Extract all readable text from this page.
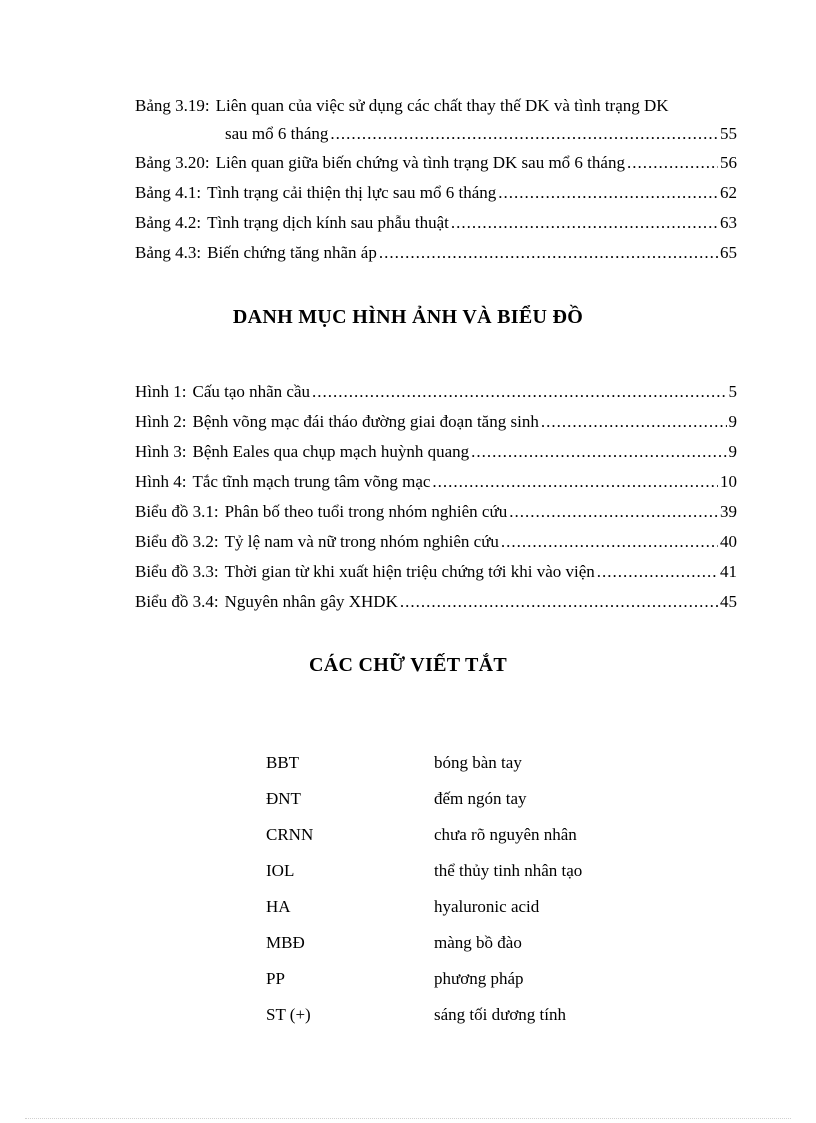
Bảng 3.19: Liên quan của việc sử dụng các chất thay thế DK và tình trạng DK
sau mổ 6 tháng .....	55
Bảng 3.20: Liên quan giữa biến chứng và tình trạng DK sau mổ 6 tháng .....	56
Bảng 4.1: Tình trạng cải thiện thị lực sau mổ 6 tháng .....	62
Bảng 4.2: Tình trạng dịch kính sau phẫu thuật .....	63
Bảng 4.3: Biến chứng tăng nhãn áp .....	65
DANH MỤC HÌNH ẢNH VÀ BIỂU ĐỒ
Hình 1: Cấu tạo nhãn cầu .....	5
Hình 2: Bệnh võng mạc đái tháo đường giai đoạn tăng sinh .....	9
Hình 3: Bệnh Eales qua chụp mạch huỳnh quang .....	9
Hình 4: Tắc tĩnh mạch trung tâm võng mạc .....	10
Biểu đồ 3.1: Phân bố theo tuổi trong nhóm nghiên cứu .....	39
Biểu đồ 3.2: Tỷ lệ nam và nữ trong nhóm nghiên cứu .....	40
Biểu đồ 3.3: Thời gian từ khi xuất hiện triệu chứng tới khi vào viện .....	41
Biểu đồ 3.4: Nguyên nhân gây XHDK .....	45
CÁC CHỮ VIẾT TẮT
BBT	bóng bàn tay
ĐNT	đếm ngón tay
CRNN	chưa rõ nguyên nhân
IOL	thể thủy tinh nhân tạo
HA	hyaluronic acid
MBĐ	màng bồ đào
PP	phương pháp
ST (+)	sáng tối dương tính
